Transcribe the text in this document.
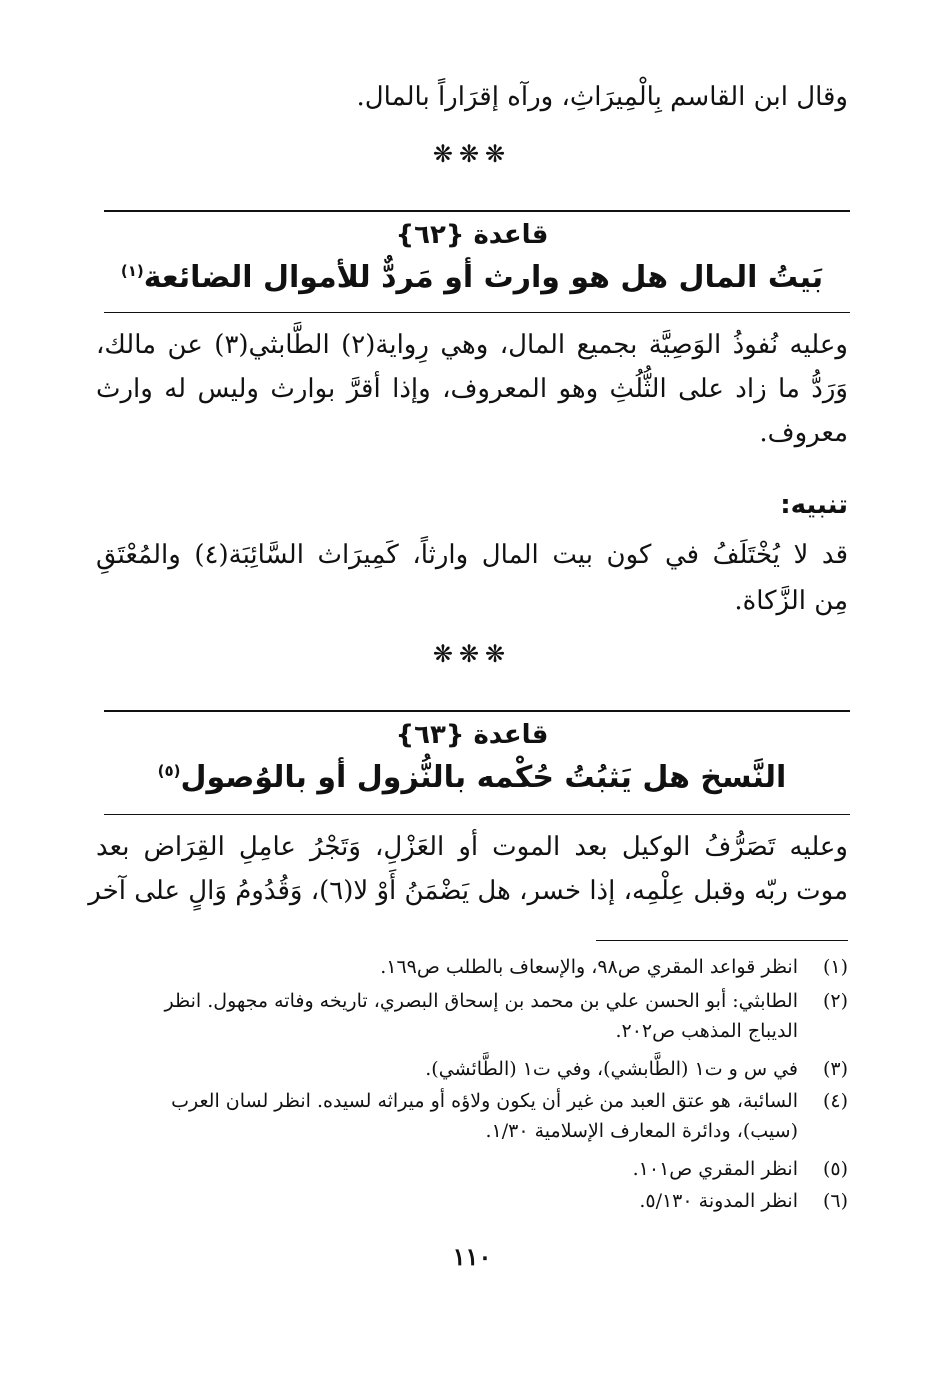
وقال ابن القاسم بِالْمِيرَاثِ، ورآه إقرَاراً بالمال.
❋❋❋
قاعدة {٦٢}
بَيتُ المال هل هو وارث أو مَردٌّ للأموال الضائعة$^{(١)}$
وعليه نُفوذُ الوَصِيَّة بجميع المال، وهي رِواية(٢) الطَّابثي(٣) عن مالك،
وَرَدُّ ما زاد على الثُّلُثِ وهو المعروف، وإذا أقرَّ بوارث وليس له وارث
معروف.
تنبيه:
قد لا يُخْتَلَفُ في كون بيت المال وارثاً، كَمِيرَاث السَّائِبَة(٤) والمُعْتَقِ
مِن الزَّكاة.
❋❋❋
قاعدة {٦٣}
النَّسخ هل يَثبُتُ حُكْمه بالنُّزول أو بالوُصول$^{(٥)}$
وعليه تَصَرُّفُ الوكيل بعد الموت أو العَزْلِ، وَتَجْرُ عامِلِ القِرَاض بعد
موت ربّه وقبل عِلْمِه، إذا خسر، هل يَضْمَنُ أَوْ لا(٦)، وَقُدُومُ وَالٍ على آخر
(١)
انظر قواعد المقري ص٩٨، والإسعاف بالطلب ص١٦٩.
(٢)
الطابثي: أبو الحسن علي بن محمد بن إسحاق البصري، تاريخه وفاته مجهول. انظر
الديباج المذهب ص٢٠٢.
(٣)
في س و ت١ (الطَّابشي)، وفي ت١ (الطَّائشي).
(٤)
السائبة، هو عتق العبد من غير أن يكون ولاؤه أو ميراثه لسيده. انظر لسان العرب
(سيب)، ودائرة المعارف الإسلامية ١/٣٠.
(٥)
انظر المقري ص١٠١.
(٦)
انظر المدونة ٥/١٣٠.
١١٠
